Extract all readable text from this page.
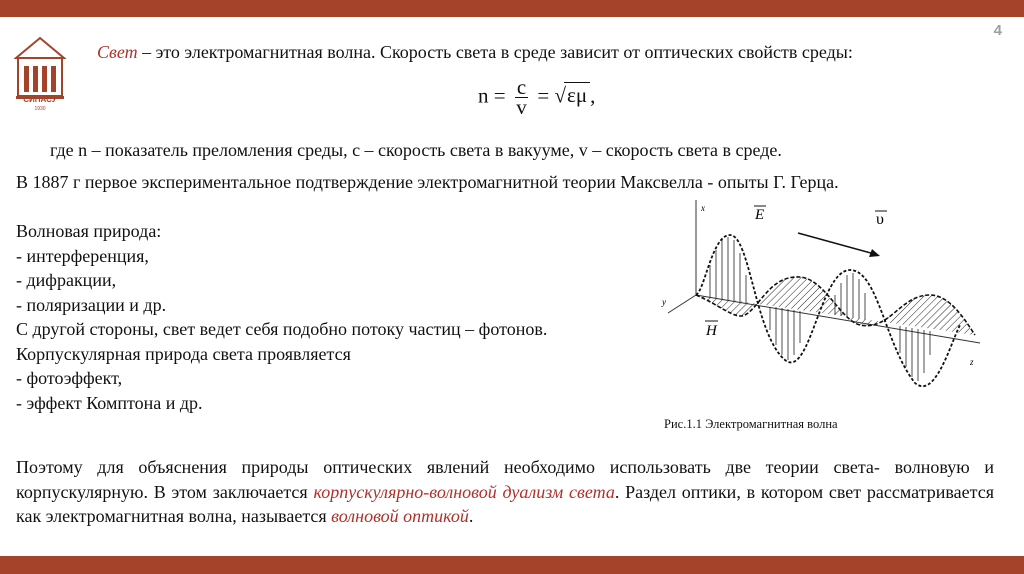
4
СИПАСУ
1930
Свет – это электромагнитная волна. Скорость света в среде зависит от оптических свойств среды:
$n = \frac{c}{v} = √\varepsilon\mu$ ,
где n – показатель преломления среды, c – скорость света в вакууме, v – скорость света в среде.
В 1887 г первое экспериментальное подтверждение электромагнитной теории Максвелла - опыты Г. Герца.
Волновая природа:
- интерференция,
- дифракции,
- поляризации и др.
С другой стороны, свет ведет себя подобно потоку частиц – фотонов.
Корпускулярная природа света проявляется
- фотоэффект,
- эффект Комптона и др.
x
y
z
E
H
υ
Рис.1.1 Электромагнитная волна
Поэтому для объяснения природы оптических явлений необходимо использовать две теории света- волновую и корпускулярную. В этом заключается корпускулярно-волновой дуализм света. Раздел оптики, в котором свет рассматривается как электромагнитная волна, называется волновой оптикой.
